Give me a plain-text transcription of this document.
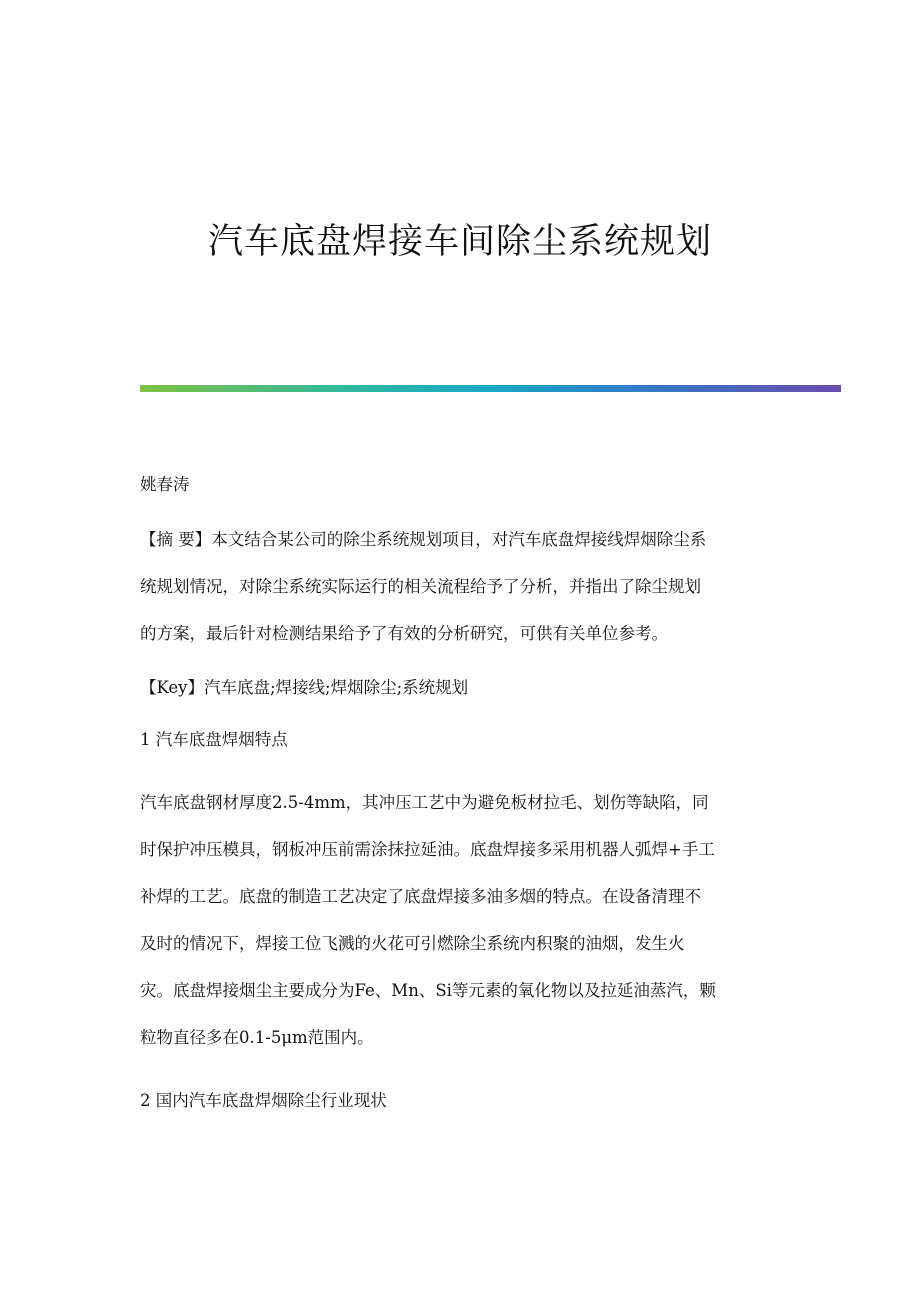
汽车底盘焊接车间除尘系统规划
姚春涛
【摘 要】本文结合某公司的除尘系统规划项目，对汽车底盘焊接线焊烟除尘系
统规划情况，对除尘系统实际运行的相关流程给予了分析，并指出了除尘规划
的方案，最后针对检测结果给予了有效的分析研究，可供有关单位参考。
【Key】汽车底盘;焊接线;焊烟除尘;系统规划
1 汽车底盘焊烟特点
汽车底盘钢材厚度2.5-4mm，其冲压工艺中为避免板材拉毛、划伤等缺陷，同
时保护冲压模具，钢板冲压前需涂抹拉延油。底盘焊接多采用机器人弧焊+手工
补焊的工艺。底盘的制造工艺决定了底盘焊接多油多烟的特点。在设备清理不
及时的情况下，焊接工位飞溅的火花可引燃除尘系统内积聚的油烟，发生火
灾。底盘焊接烟尘主要成分为Fe、Mn、Si等元素的氧化物以及拉延油蒸汽，颗
粒物直径多在0.1-5μm范围内。
2 国内汽车底盘焊烟除尘行业现状
